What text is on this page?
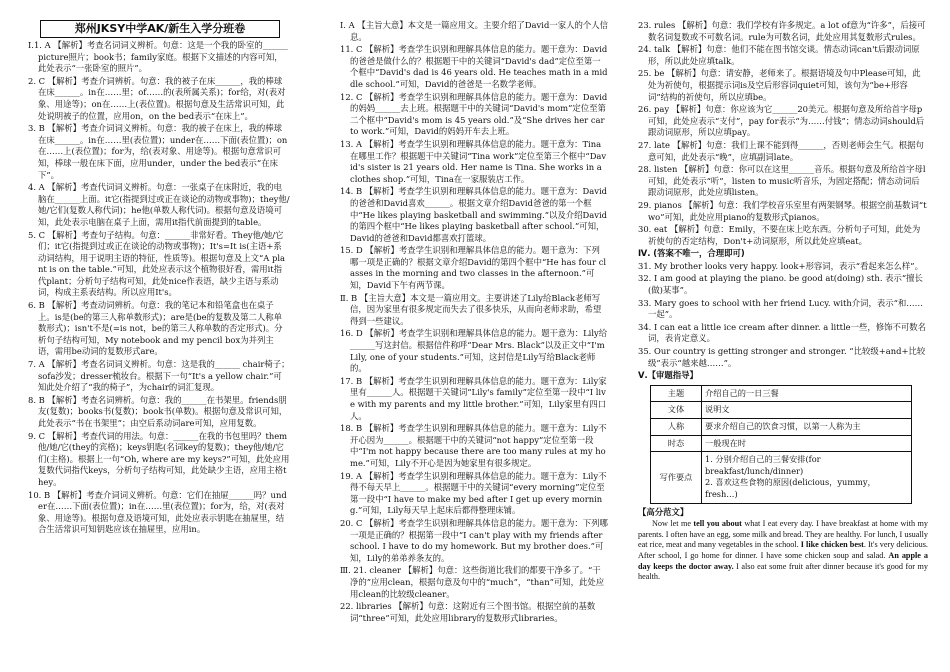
郑州JKSY中学AK/新生入学分班卷
Ⅰ.1. A 【解析】考查名词词义辨析。句意：这是一个我的卧室的______ picture照片；book书；family家庭。根据下文描述的内容可知，此处表示“一张卧室的照片”。
2. C 【解析】考查介词辨析。句意：我的被子在床______，我的棒球在床______。in在……里；of……的(表所属关系)；for给，对(表对象、用途等)；on在……上(表位置)。根据句意及生活常识可知，此处说明被子的位置，应用on，on the bed表示“在床上”。
3. B 【解析】考查介词词义辨析。句意：我的被子在床上，我的棒球在床______。in在……里(表位置)；under在……下面(表位置)；on在……上(表位置)；for为，给(表对象、用途等)。根据句意常识可知，棒球一般在床下面，应用under，under the bed表示“在床下”。
4. A 【解析】考查代词词义辨析。句意：一张桌子在床附近，我的电脑在______上面。it它(指提到过或正在谈论的动物或事物)；they他/她/它们(复数人称代词)；he他(单数人称代词)。根据句意及语境可知，此处表示电脑在桌子上面，需用it指代前面提到的table。
5. C 【解析】考查句子结构。句意：______非常好看。They他/她/它们；it它(指提到过或正在谈论的动物或事物)；It's=It is(主语+系动词结构，用于说明主语的特征，性质等)。根据句意及上文“A plant is on the table.”可知，此处应表示这个植物很好看，需用it指代plant；分析句子结构可知，此处nice作表语，缺少主语与系动词，构成主系表结构。所以应用It's。
6. B 【解析】考查动词辨析。句意：我的笔记本和铅笔盒也在桌子上。is是(be的第三人称单数形式)；are是(be的复数及第二人称单数形式)；isn't不是(=is not，be的第三人称单数的否定形式)。分析句子结构可知，My notebook and my pencil box为并列主语，需用be动词的复数形式are。
7. A 【解析】考查名词词义辨析。句意：这是我的______ chair椅子；sofa沙发；dresser梳妆台。根据下一句“It's a yellow chair.”可知此处介绍了“我的椅子”，为chair的词汇复现。
8. B 【解析】考查名词辨析。句意：我的______在书架里。friends朋友(复数)；books书(复数)；book书(单数)。根据句意及常识可知，此处表示“书在书架里”；由空后系动词are可知，应用复数。
9. C 【解析】考查代词的用法。句意：______在我的书包里吗？them他/她/它(they的宾格)；keys钥匙(名词key的复数)；they他/她/它们(主格)。根据上一句“Oh, where are my keys?”可知，此处应用复数代词指代keys，分析句子结构可知，此处缺少主语，应用主格they。
10. B 【解析】考查介词词义辨析。句意：它们在抽屉______吗？under在……下面(表位置)；in在……里(表位置)；for为，给，对(表对象、用途等)。根据句意及语境可知，此处应表示钥匙在抽屉里，结合生活常识可知钥匙应该在抽屉里，应用in。
Ⅰ. A 【主旨大意】本文是一篇应用文。主要介绍了David一家人的个人信息。
11. C 【解析】考查学生识别和理解具体信息的能力。题干意为：David的爸爸是做什么的？根据题干中的关键词“David's dad”定位至第一个框中“David's dad is 46 years old. He teaches math in a middle school.”可知，David的爸爸是一名数学老师。
12. C 【解析】考查学生识别和理解具体信息的能力。题干意为：David的妈妈______去上班。根据题干中的关键词“David's mom”定位至第二个框中“David's mom is 45 years old.”及“She drives her car to work.”可知，David的妈妈开车去上班。
13. A 【解析】考查学生识别和理解具体信息的能力。题干意为：Tina在哪里工作？根据题干中关键词“Tina work”定位至第三个框中“David's sister is 21 years old. Her name is Tina. She works in a clothes shop.”可知，Tina在一家服装店工作。
14. B 【解析】考查学生识别和理解具体信息的能力。题干意为：David的爸爸和David喜欢______。根据文章介绍David爸爸的第一个框中“He likes playing basketball and swimming.”以及介绍David的第四个框中“He likes playing basketball after school.”可知，David的爸爸和David都喜欢打篮球。
15. D 【解析】考查学生识别和理解具体信息的能力。题干意为：下列哪一项是正确的？根据文章介绍David的第四个框中“He has four classes in the morning and two classes in the afternoon.”可知，David下午有两节课。
Ⅱ. B 【主旨大意】本文是一篇应用文。主要讲述了Lily给Black老师写信，因为家里有很多规定而失去了很多快乐，从而向老师求助，希望得到一些建议。
16. D 【解析】考查学生识别和理解具体信息的能力。题干意为：Lily给______写这封信。根据信件称呼“Dear Mrs. Black”以及正文中“I'm Lily, one of your students.”可知，这封信是Lily写给Black老师的。
17. B 【解析】考查学生识别和理解具体信息的能力。题干意为：Lily家里有______人。根据题干关键词“Lily's family”定位至第一段中“I live with my parents and my little brother.”可知，Lily家里有四口人。
18. B 【解析】考查学生识别和理解具体信息的能力。题干意为：Lily不开心因为______。根据题干中的关键词“not happy”定位至第一段中“I'm not happy because there are too many rules at my home.”可知，Lily不开心是因为她家里有很多规定。
19. A 【解析】考查学生识别和理解具体信息的能力。题干意为：Lily不得不每天早上______。根据题干中的关键词“every morning”定位至第一段中“I have to make my bed after I get up every morning.”可知，Lily每天早上起床后都得整理床铺。
20. C 【解析】考查学生识别和理解具体信息的能力。题干意为：下列哪一项是正确的？根据第一段中“I can't play with my friends after school. I have to do my homework. But my brother does.”可知，Lily的弟弟养条友的。
Ⅲ. 21. cleaner 【解析】句意：这些街道比我们的都要干净多了。“干净的”应用clean，根据句意及句中的“much”，“than”可知，此处应用clean的比较级cleaner。
22. libraries 【解析】句意：这附近有三个图书馆。根据空前的基数词“three”可知，此处应用library的复数形式libraries。
23. rules 【解析】句意：我们学校有许多规定。a lot of意为“许多”，后接可数名词复数或不可数名词。rule为可数名词，此处应用其复数形式rules。
24. talk 【解析】句意：他们不能在图书馆交谈。情态动词can't后跟动词原形，所以此处应填talk。
25. be 【解析】句意：请安静，老师来了。根据语境及句中Please可知，此处为祈使句，根据提示词is及空后形容词quiet可知，该句为“be+形容词”结构的祈使句，所以应填be。
26. pay 【解析】句意：你应该为它______20美元。根据句意及所给首字母p可知，此处应表示“支付”，pay for表示“为……付钱”；情态动词should后跟动词原形，所以应填pay。
27. late 【解析】句意：我们上课不能到得______，否则老师会生气。根据句意可知，此处表示“晚”，应填副词late。
28. listen 【解析】句意：你可以在这里______音乐。根据句意及所给首字母l可知，此处表示“听”，listen to music听音乐，为固定搭配；情态动词后跟动词原形，此处应填listen。
29. pianos 【解析】句意：我们学校音乐室里有两架钢琴。根据空前基数词“two”可知，此处应用piano的复数形式pianos。
30. eat 【解析】句意：Emily，不要在床上吃东西。分析句子可知，此处为祈使句的否定结构，Don't+动词原形，所以此处应填eat。
Ⅳ. (答案不唯一，合理即可)
31. My brother looks very happy. look+形容词，表示“看起来怎么样”。
32. I am good at playing the piano. be good at(doing) sth. 表示“擅长(做)某事”。
33. Mary goes to school with her friend Lucy. with介词，表示“和……一起”。
34. I can eat a little ice cream after dinner. a little一些，修饰不可数名词，表肯定意义。
35. Our country is getting stronger and stronger. “比较级+and+比较级”表示“越来越……”。
Ⅴ.【审题指导】
主题	介绍自己的一日三餐
文体	说明文
人称	要求介绍自己的饮食习惯，以第一人称为主
时态	一般现在时
写作要点	1. 分别介绍自己的三餐安排(for breakfast/lunch/dinner)
2. 喜欢这些食物的原因(delicious，yummy，fresh…)
【高分范文】
Now let me tell you about what I eat every day. I have breakfast at home with my parents. I often have an egg, some milk and bread. They are healthy. For lunch, I usually eat rice, meat and many vegetables in the school. I like chicken best. It's very delicious. After school, I go home for dinner. I have some chicken soup and salad. An apple a day keeps the doctor away. I also eat some fruit after dinner because it's good for my health.
